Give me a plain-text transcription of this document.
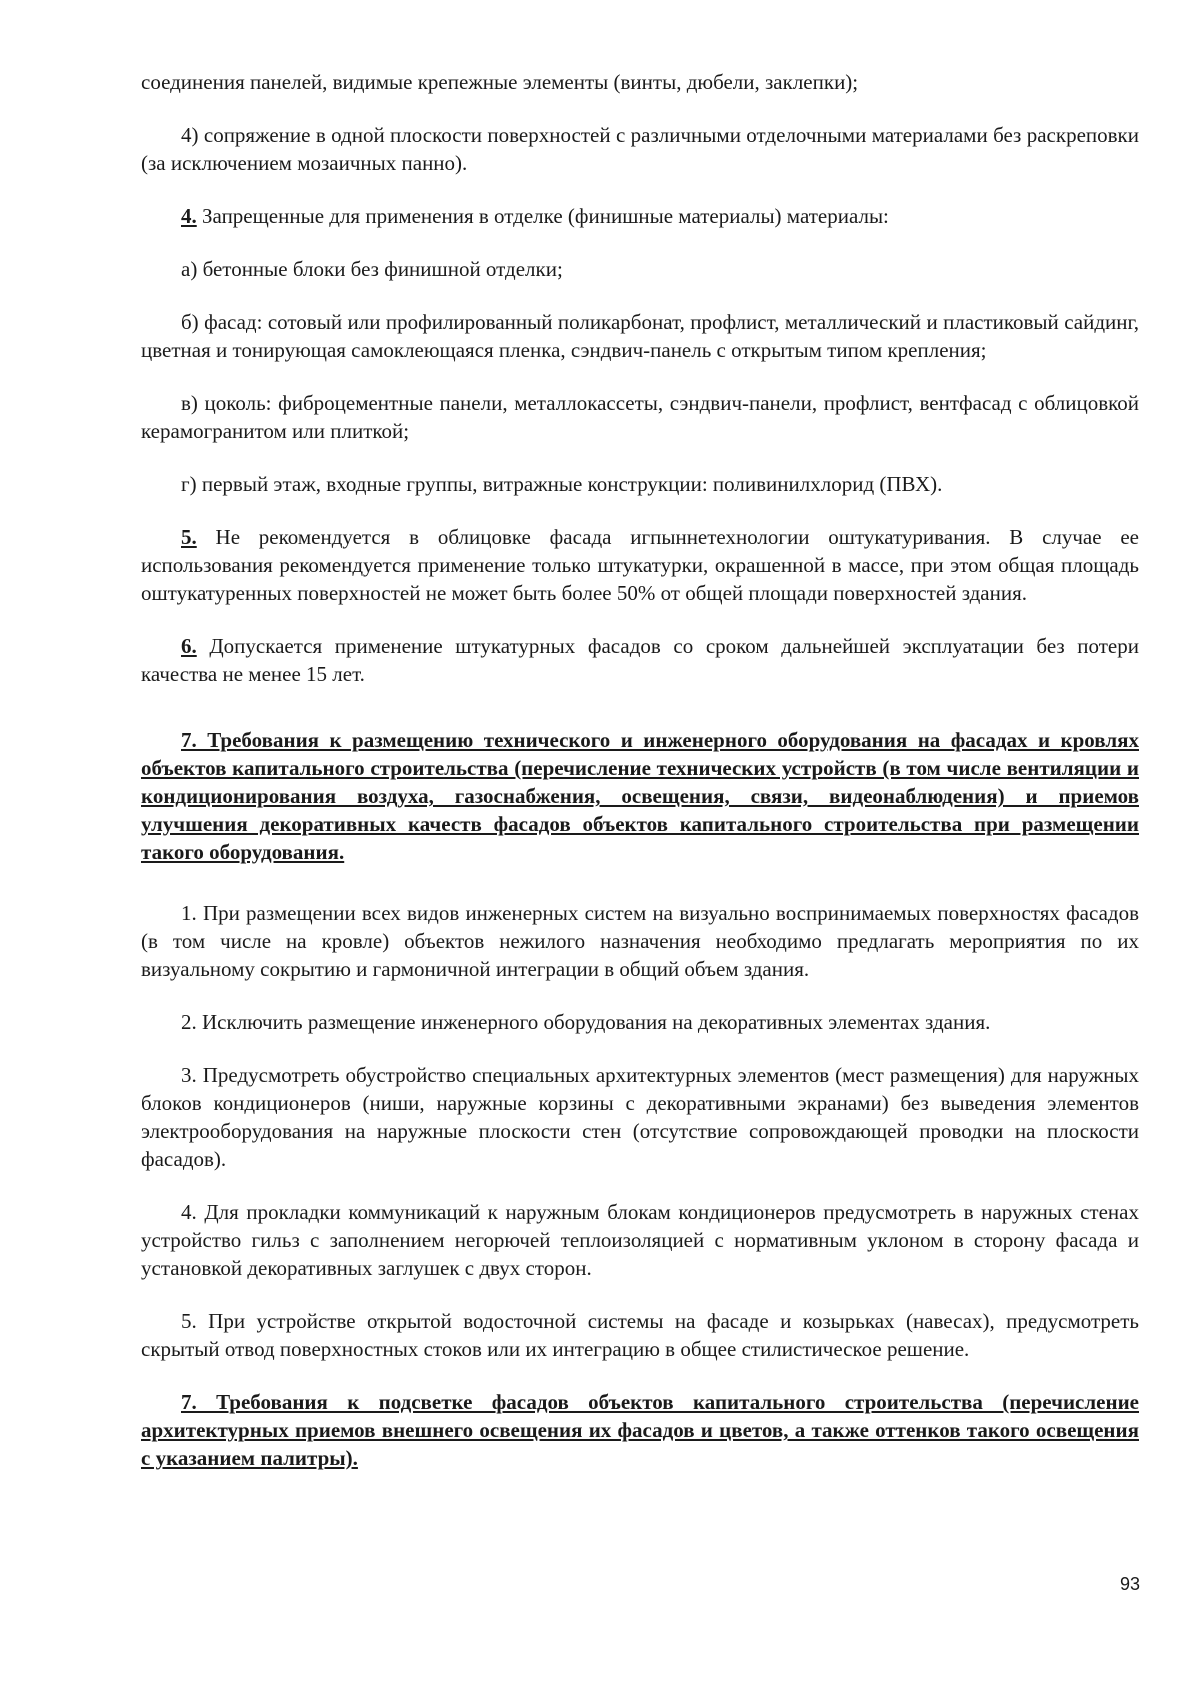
соединения панелей, видимые крепежные элементы (винты, дюбели, заклепки);

4) сопряжение в одной плоскости поверхностей с различными отделочными материалами без раскреповки (за исключением мозаичных панно).

4. Запрещенные для применения в отделке (финишные материалы) материалы:

а) бетонные блоки без финишной отделки;

б) фасад: сотовый или профилированный поликарбонат, профлист, металлический и пластиковый сайдинг, цветная и тонирующая самоклеющаяся пленка, сэндвич-панель с открытым типом крепления;

в) цоколь: фиброцементные панели, металлокассеты, сэндвич-панели, профлист, вентфасад с облицовкой керамогранитом или плиткой;

г) первый этаж, входные группы, витражные конструкции: поливинилхлорид (ПВХ).

5. Не рекомендуется в облицовке фасада игпыннетехнологии оштукатуривания. В случае ее использования рекомендуется применение только штукатурки, окрашенной в массе, при этом общая площадь оштукатуренных поверхностей не может быть более 50% от общей площади поверхностей здания.

6. Допускается применение штукатурных фасадов со сроком дальнейшей эксплуатации без потери качества не менее 15 лет.

7. Требования к размещению технического и инженерного оборудования на фасадах и кровлях объектов капитального строительства (перечисление технических устройств (в том числе вентиляции и кондиционирования воздуха, газоснабжения, освещения, связи, видеонаблюдения) и приемов улучшения декоративных качеств фасадов объектов капитального строительства при размещении такого оборудования.

1. При размещении всех видов инженерных систем на визуально воспринимаемых поверхностях фасадов (в том числе на кровле) объектов нежилого назначения необходимо предлагать мероприятия по их визуальному сокрытию и гармоничной интеграции в общий объем здания.

2. Исключить размещение инженерного оборудования на декоративных элементах здания.

3. Предусмотреть обустройство специальных архитектурных элементов (мест размещения) для наружных блоков кондиционеров (ниши, наружные корзины с декоративными экранами) без выведения элементов электрооборудования на наружные плоскости стен (отсутствие сопровождающей проводки на плоскости фасадов).

4. Для прокладки коммуникаций к наружным блокам кондиционеров предусмотреть в наружных стенах устройство гильз с заполнением негорючей теплоизоляцией с нормативным уклоном в сторону фасада и установкой декоративных заглушек с двух сторон.

5. При устройстве открытой водосточной системы на фасаде и козырьках (навесах), предусмотреть скрытый отвод поверхностных стоков или их интеграцию в общее стилистическое решение.

7. Требования к подсветке фасадов объектов капитального строительства (перечисление архитектурных приемов внешнего освещения их фасадов и цветов, а также оттенков такого освещения с указанием палитры).

93
